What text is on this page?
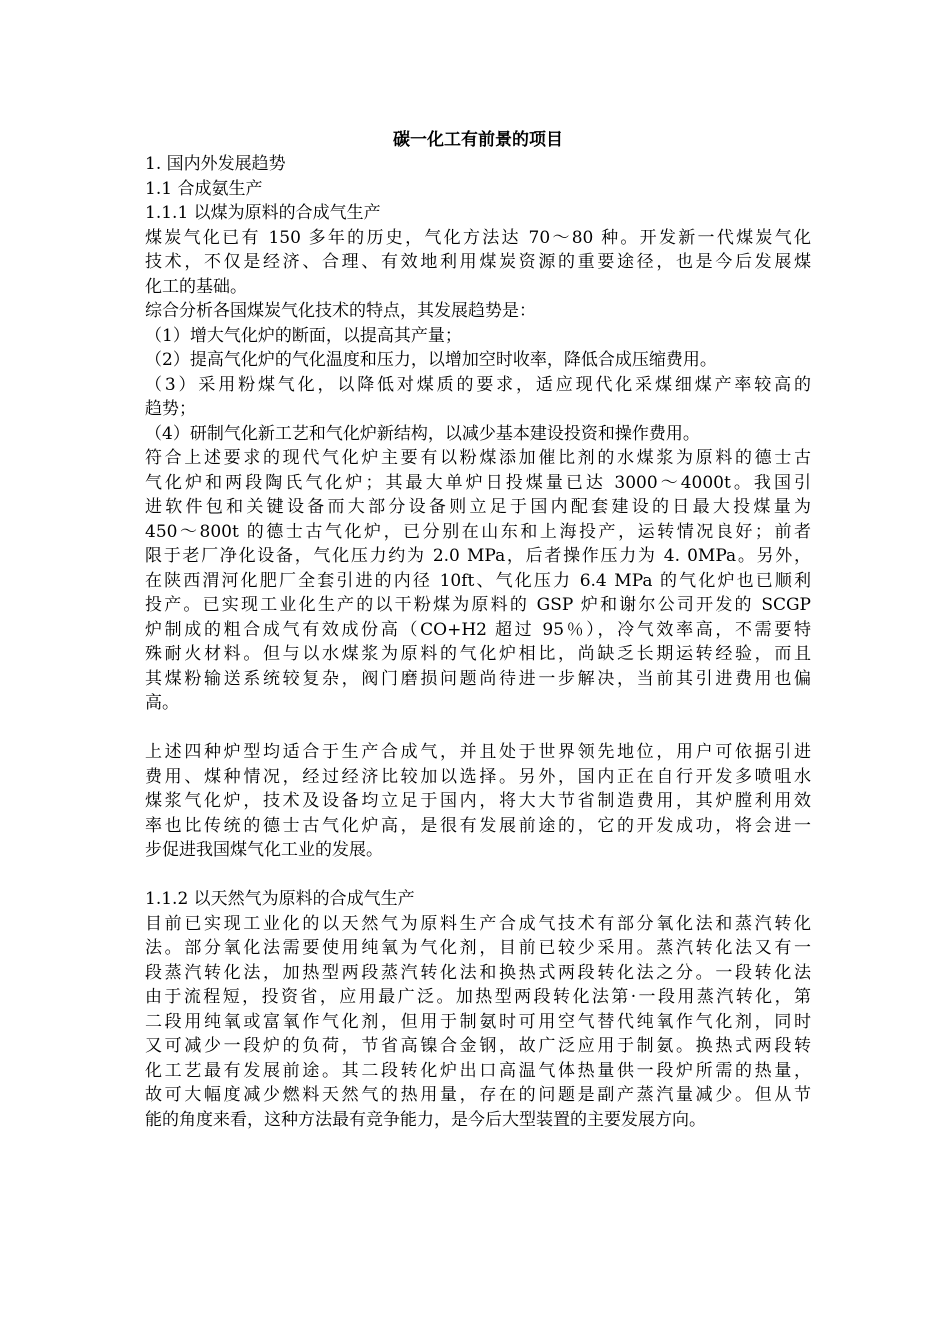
碳一化工有前景的项目
1. 国内外发展趋势
1.1 合成氨生产
1.1.1 以煤为原料的合成气生产
煤炭气化已有 150 多年的历史，气化方法达 70～80 种。开发新一代煤炭气化
技术，不仅是经济、合理、有效地利用煤炭资源的重要途径，也是今后发展煤
化工的基础。
综合分析各国煤炭气化技术的特点，其发展趋势是：
（1）增大气化炉的断面，以提高其产量；
（2）提高气化炉的气化温度和压力，以增加空时收率，降低合成压缩费用。
（3）采用粉煤气化，以降低对煤质的要求，适应现代化采煤细煤产率较高的
趋势；
（4）研制气化新工艺和气化炉新结构，以减少基本建设投资和操作费用。
符合上述要求的现代气化炉主要有以粉煤添加催比剂的水煤浆为原料的德士古
气化炉和两段陶氏气化炉；其最大单炉日投煤量已达 3000～4000t。我国引
进软件包和关键设备而大部分设备则立足于国内配套建设的日最大投煤量为
450～800t 的德士古气化炉，已分别在山东和上海投产，运转情况良好；前者
限于老厂净化设备，气化压力约为 2.0 MPa，后者操作压力为 4. 0MPa。另外，
在陕西渭河化肥厂全套引进的内径 10ft、气化压力 6.4 MPa 的气化炉也已顺利
投产。已实现工业化生产的以干粉煤为原料的 GSP 炉和谢尔公司开发的 SCGP
炉制成的粗合成气有效成份高（CO+H2 超过 95％），冷气效率高，不需要特
殊耐火材料。但与以水煤浆为原料的气化炉相比，尚缺乏长期运转经验，而且
其煤粉输送系统较复杂，阀门磨损问题尚待进一步解决，当前其引进费用也偏
高。
上述四种炉型均适合于生产合成气，并且处于世界领先地位，用户可依据引进
费用、煤种情况，经过经济比较加以选择。另外，国内正在自行开发多喷咀水
煤浆气化炉，技术及设备均立足于国内，将大大节省制造费用，其炉膛利用效
率也比传统的德士古气化炉高，是很有发展前途的，它的开发成功，将会进一
步促进我国煤气化工业的发展。
1.1.2 以天然气为原料的合成气生产
目前已实现工业化的以天然气为原料生产合成气技术有部分氧化法和蒸汽转化
法。部分氧化法需要使用纯氧为气化剂，目前已较少采用。蒸汽转化法又有一
段蒸汽转化法，加热型两段蒸汽转化法和换热式两段转化法之分。一段转化法
由于流程短，投资省，应用最广泛。加热型两段转化法第·一段用蒸汽转化，第
二段用纯氧或富氧作气化剂，但用于制氨时可用空气替代纯氧作气化剂，同时
又可减少一段炉的负荷，节省高镍合金钢，故广泛应用于制氨。换热式两段转
化工艺最有发展前途。其二段转化炉出口高温气体热量供一段炉所需的热量，
故可大幅度减少燃料天然气的热用量，存在的问题是副产蒸汽量减少。但从节
能的角度来看，这种方法最有竞争能力，是今后大型装置的主要发展方向。
